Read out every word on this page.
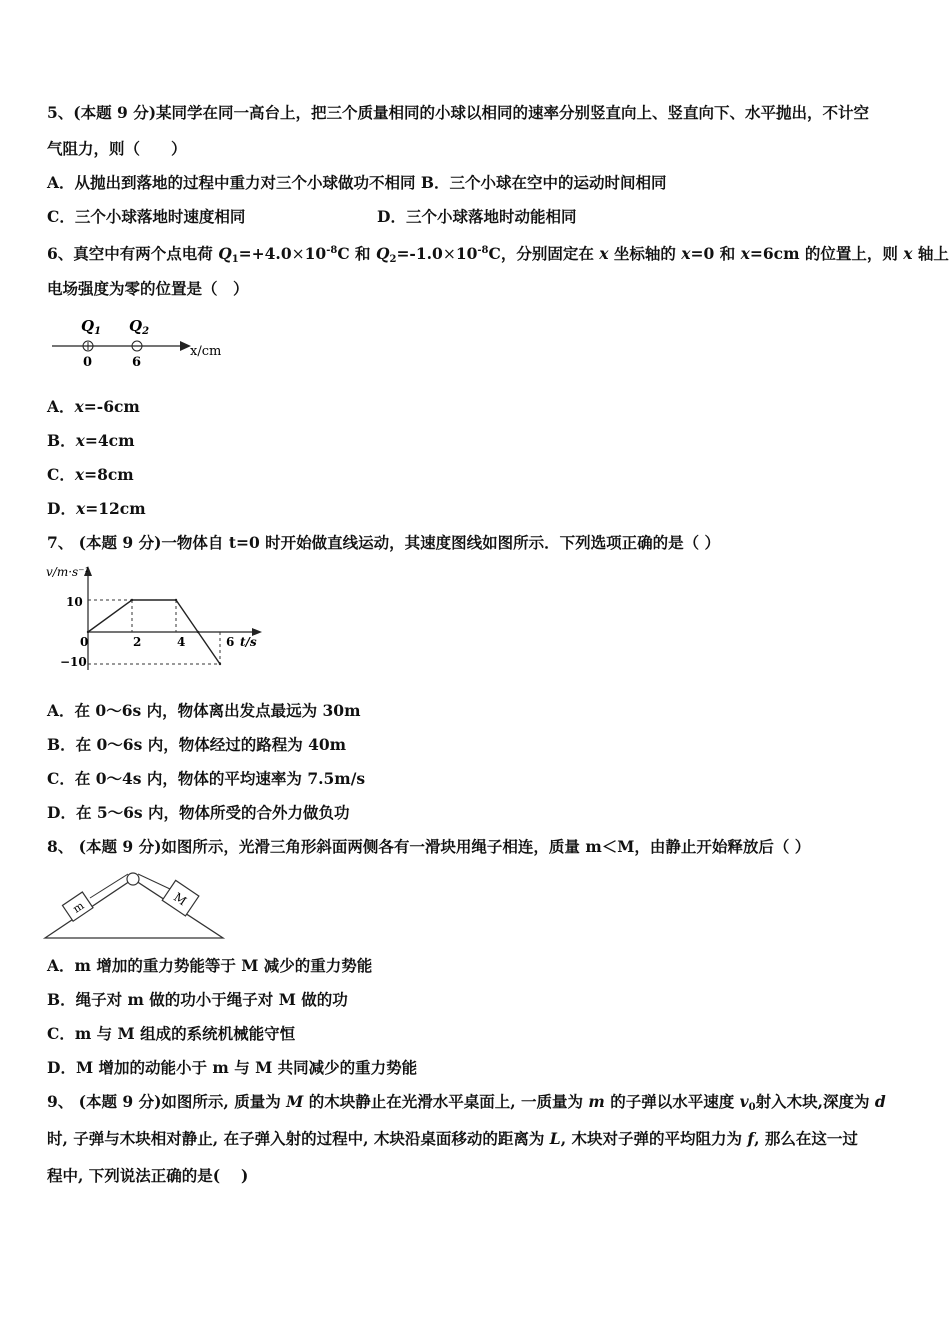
5、(本题 9 分)某同学在同一高台上，把三个质量相同的小球以相同的速率分别竖直向上、竖直向下、水平抛出，不计空
气阻力，则（　　）
A．从抛出到落地的过程中重力对三个小球做功不相同 B．三个小球在空中的运动时间相同
C．三个小球落地时速度相同	D．三个小球落地时动能相同
6、真空中有两个点电荷 $Q_1=+4.0\times 10^{-8}C$ 和 $Q_2=-1.0\times 10^{-8}C$，分别固定在 x 坐标轴的 x=0 和 x=6cm 的位置上，则 x 轴上
电场强度为零的位置是（　）
$Q_1$ $Q_2$
0	6
x/cm
A．x=-6cm
B．x=4cm
C．x=8cm
D．x=12cm
7、 (本题 9 分)一物体自 t=0 时开始做直线运动，其速度图线如图所示．下列选项正确的是（ ）
v/m·s⁻¹
10
−10
0	2	4	6 t/s
A．在 0～6s 内，物体离出发点最远为 30m
B．在 0～6s 内，物体经过的路程为 40m
C．在 0～4s 内，物体的平均速率为 7.5m/s
D．在 5～6s 内，物体所受的合外力做负功
8、 (本题 9 分)如图所示，光滑三角形斜面两侧各有一滑块用绳子相连，质量 m＜M，由静止开始释放后（ ）
m	M
A．m 增加的重力势能等于 M 减少的重力势能
B．绳子对 m 做的功小于绳子对 M 做的功
C．m 与 M 组成的系统机械能守恒
D．M 增加的动能小于 m 与 M 共同减少的重力势能
9、 (本题 9 分)如图所示, 质量为 M 的木块静止在光滑水平桌面上, 一质量为 m 的子弹以水平速度 $v_0$射入木块,深度为 d
时, 子弹与木块相对静止, 在子弹入射的过程中, 木块沿桌面移动的距离为 L, 木块对子弹的平均阻力为 f, 那么在这一过
程中, 下列说法正确的是(　 )
